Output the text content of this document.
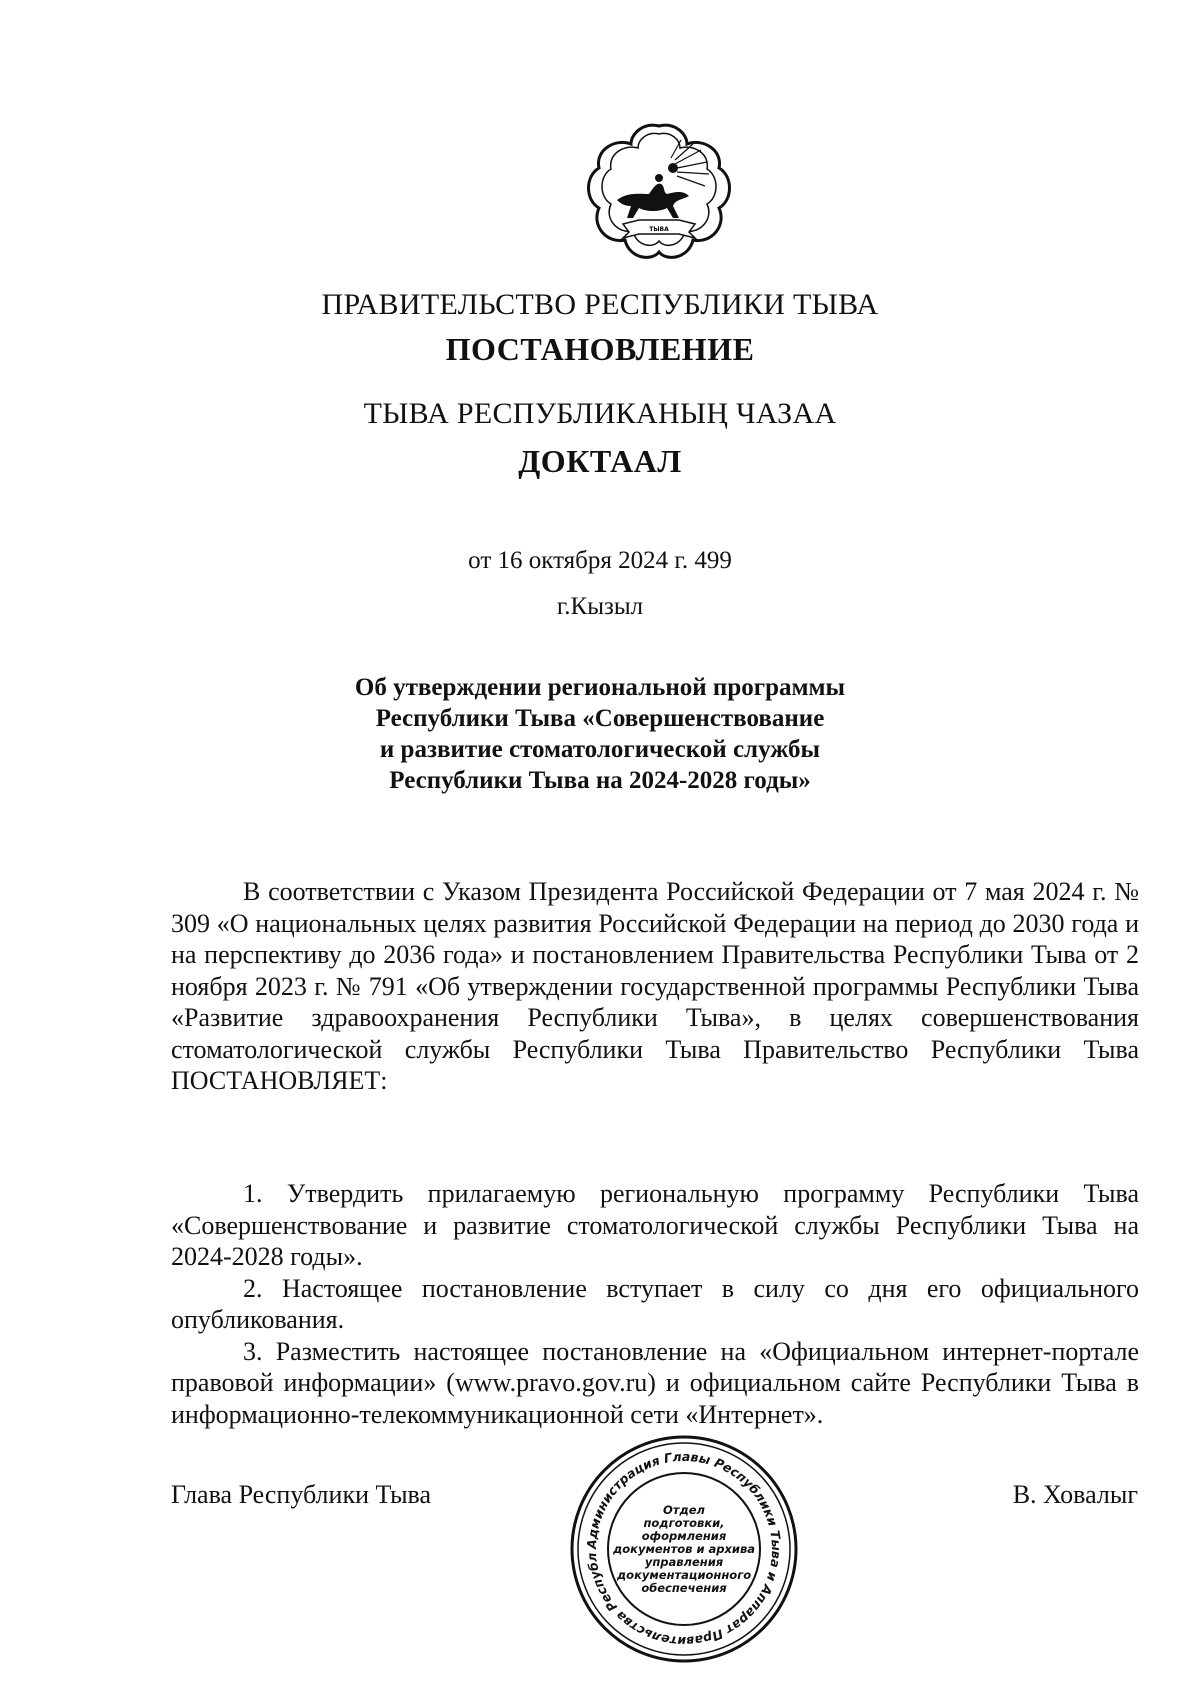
ТЫВА
ПРАВИТЕЛЬСТВО РЕСПУБЛИКИ ТЫВА
ПОСТАНОВЛЕНИЕ
ТЫВА РЕСПУБЛИКАНЫҢ ЧАЗАА
ДОКТААЛ
от 16 октября 2024 г. 499
г.Кызыл
Об утверждении региональной программы
Республики Тыва «Совершенствование
и развитие стоматологической службы
Республики Тыва на 2024-2028 годы»

В соответствии с Указом Президента Российской Федерации от 7 мая 2024 г. № 309 «О национальных целях развития Российской Федерации на период до 2030 года и на перспективу до 2036 года» и постановлением Правительства Республики Тыва от 2 ноября 2023 г. № 791 «Об утверждении государственной программы Республики Тыва «Развитие здравоохранения Республики Тыва», в целях совершенствования стоматологической службы Республики Тыва Правительство Республики Тыва ПОСТАНОВЛЯЕТ:

1. Утвердить прилагаемую региональную программу Республики Тыва «Совершенствование и развитие стоматологической службы Республики Тыва на 2024-2028 годы».

2. Настоящее постановление вступает в силу со дня его официального опубликования.

3. Разместить настоящее постановление на «Официальном интернет-портале правовой информации» (www.pravo.gov.ru) и официальном сайте Республики Тыва в информационно-телекоммуникационной сети «Интернет».

Глава Республики Тыва	В. Ховалыг
Администрация Главы Республики Тыва и Аппарат Правительства Республ
Отдел
подготовки,
оформления
документов и архива
управления
документационного
обеспечения
